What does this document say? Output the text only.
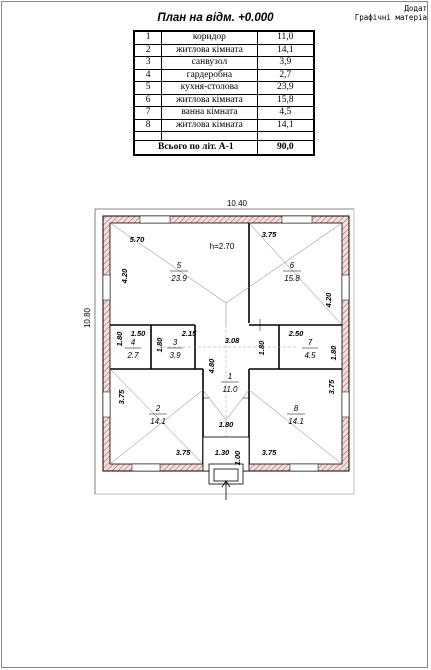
Додат
Графічні матеріа
План на відм. +0.000
1	коридор	11,0
2	житлова кімната	14,1
3	санвузол	3,9
4	гардеробна	2,7
5	кухня-столова	23,9
6	житлова кімната	15,8
7	ванна кімната	4,5
8	житлова кімната	14,1

Всього по літ. А-1		90,0
10.40
10.80
h=2.70
5
23.9
6
15.8
4
2.7
3
3.9
7
4.5
1
11.0
2
14.1
8
14.1
5.70
3.75
4.20
4.20
1.80 1.50
1.80
2.15
3.08
1.80
2.50
1.80
4.80
3.75
3.75
1.80
3.75	1.30 1.00	3.75
